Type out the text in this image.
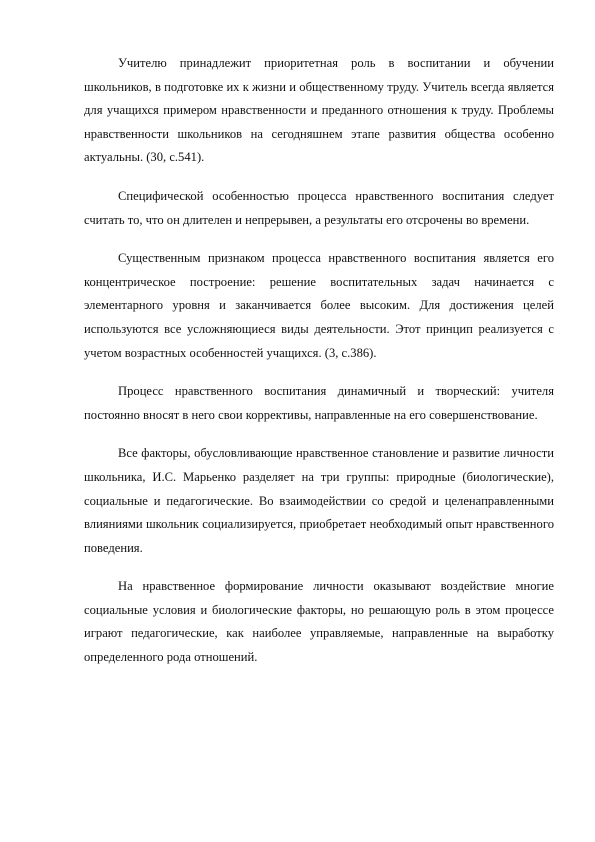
Учителю принадлежит приоритетная роль в воспитании и обучении школьников, в подготовке их к жизни и общественному труду. Учитель всегда является для учащихся примером нравственности и преданного отношения к труду. Проблемы нравственности школьников на сегодняшнем этапе развития общества особенно актуальны. (30, с.541).

Специфической особенностью процесса нравственного воспитания следует считать то, что он длителен и непрерывен, а результаты его отсрочены во времени.

Существенным признаком процесса нравственного воспитания является его концентрическое построение: решение воспитательных задач начинается с элементарного уровня и заканчивается более высоким. Для достижения целей используются все усложняющиеся виды деятельности. Этот принцип реализуется с учетом возрастных особенностей учащихся. (3, с.386).

Процесс нравственного воспитания динамичный и творческий: учителя постоянно вносят в него свои коррективы, направленные на его совершенствование.

Все факторы, обусловливающие нравственное становление и развитие личности школьника, И.С. Марьенко разделяет на три группы: природные (биологические), социальные и педагогические. Во взаимодействии со средой и целенаправленными влияниями школьник социализируется, приобретает необходимый опыт нравственного поведения.

На нравственное формирование личности оказывают воздействие многие социальные условия и биологические факторы, но решающую роль в этом процессе играют педагогические, как наиболее управляемые, направленные на выработку определенного рода отношений.
